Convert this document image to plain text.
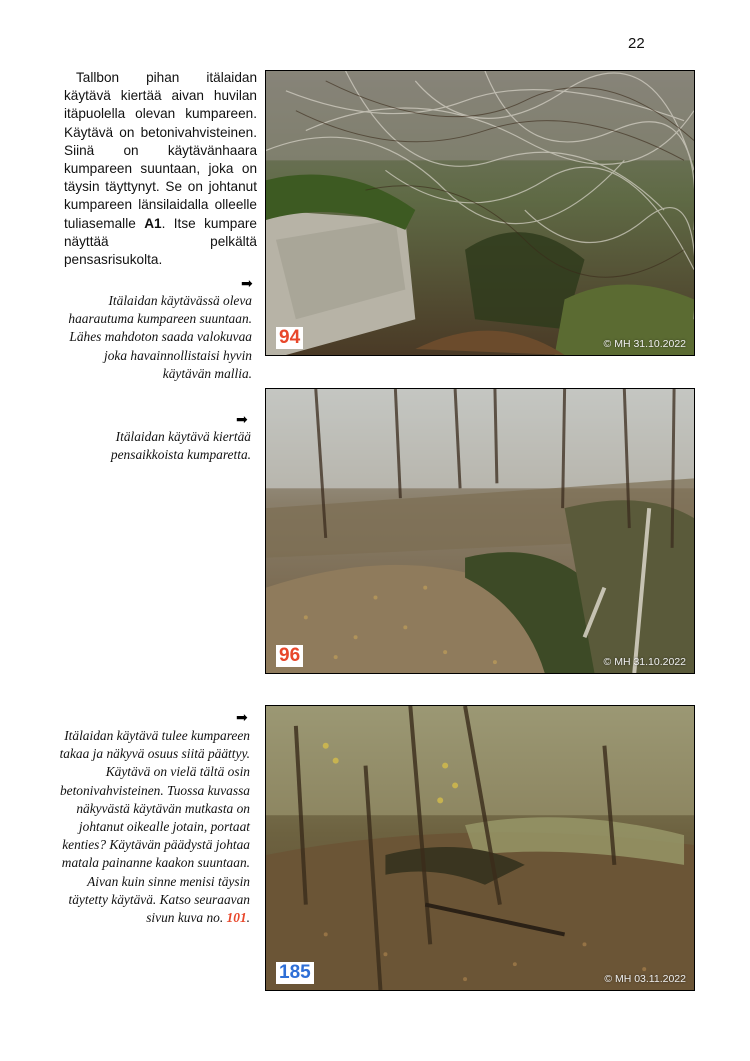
22
Tallbon pihan itälaidan käytävä kiertää aivan huvilan itäpuolella olevan kumpareen. Käytävä on betonivahvisteinen. Siinä on käytävänhaara kumpareen suuntaan, joka on täysin täyttynyt. Se on johtanut kumpareen länsilaidalla olleelle tuliasemalle A1. Itse kumpare näyttää pelkältä pensasrisukolta.
➡
Itälaidan käytävässä oleva haarautuma kumpareen suuntaan. Lähes mahdoton saada valokuvaa joka havainnollistaisi hyvin käytävän mallia.
➡
Itälaidan käytävä kiertää pensaikkoista kumparetta.
➡
Itälaidan käytävä tulee kumpareen takaa ja näkyvä osuus siitä päättyy. Käytävä on vielä tältä osin betonivahvisteinen. Tuossa kuvassa näkyvästä käytävän mutkasta on johtanut oikealle jotain, portaat kenties? Käytävän päädystä johtaa matala painanne kaakon suuntaan. Aivan kuin sinne menisi täysin täytetty käytävä. Katso seuraavan sivun kuva no. 101.
94	© MH 31.10.2022
96	© MH 31.10.2022
185	© MH 03.11.2022
